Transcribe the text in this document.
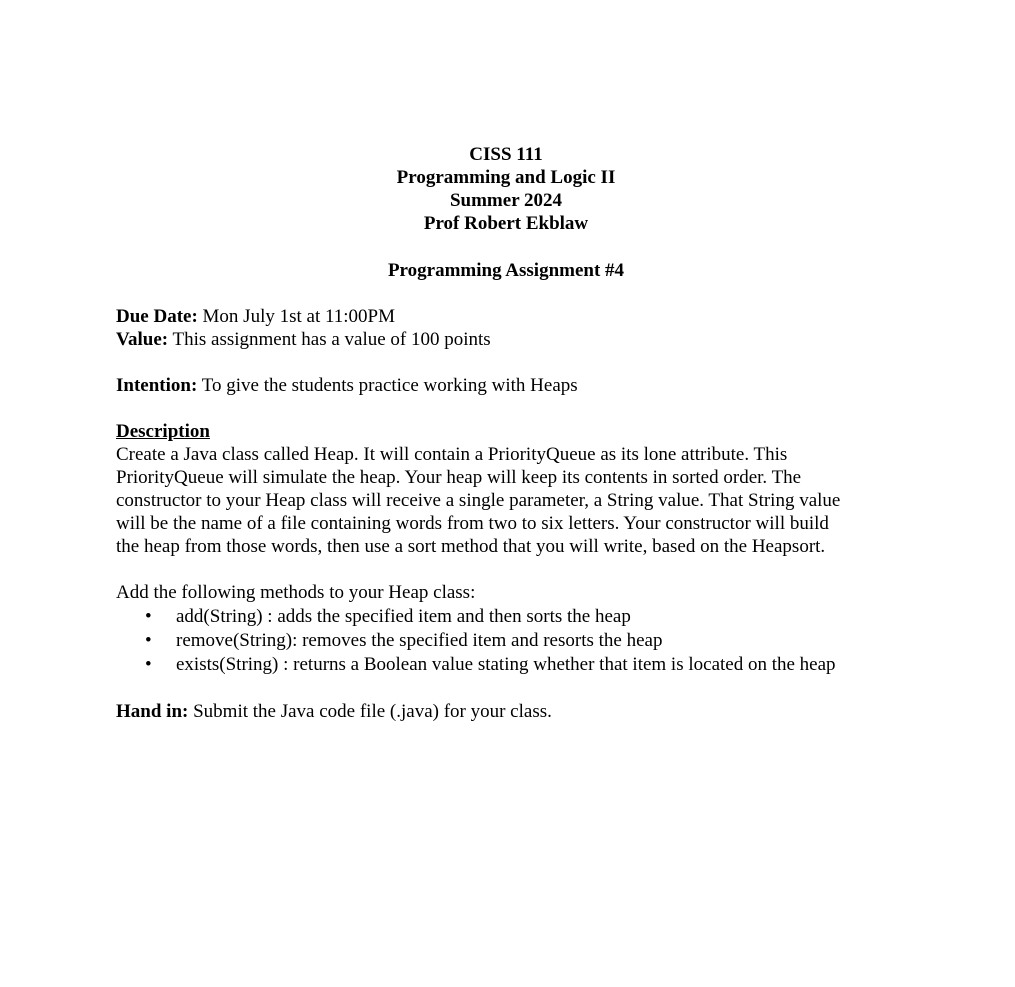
CISS 111
Programming and Logic II
Summer 2024
Prof Robert Ekblaw
Programming Assignment #4
Due Date: Mon July 1st at 11:00PM
Value: This assignment has a value of 100 points
Intention: To give the students practice working with Heaps
Description
Create a Java class called Heap. It will contain a PriorityQueue as its lone attribute. This
PriorityQueue will simulate the heap. Your heap will keep its contents in sorted order. The
constructor to your Heap class will receive a single parameter, a String value. That String value
will be the name of a file containing words from two to six letters. Your constructor will build
the heap from those words, then use a sort method that you will write, based on the Heapsort.
Add the following methods to your Heap class:
• add(String) : adds the specified item and then sorts the heap
• remove(String): removes the specified item and resorts the heap
• exists(String) : returns a Boolean value stating whether that item is located on the heap
Hand in: Submit the Java code file (.java) for your class.
